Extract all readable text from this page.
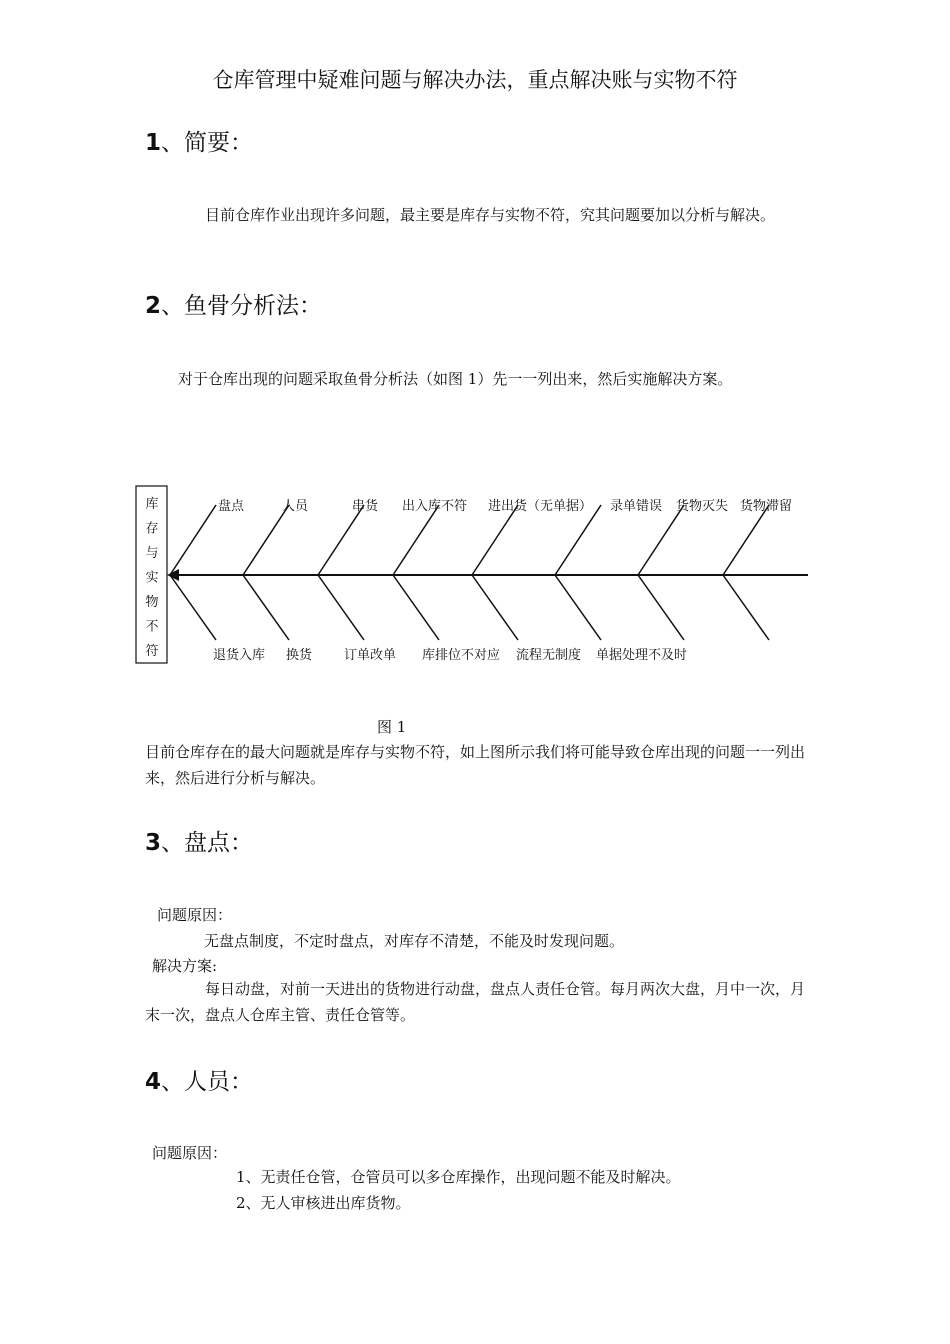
仓库管理中疑难问题与解决办法，重点解决账与实物不符
1、简要：
目前仓库作业出现许多问题，最主要是库存与实物不符，究其问题要加以分析与解决。
2、鱼骨分析法：
对于仓库出现的问题采取鱼骨分析法（如图 1）先一一列出来，然后实施解决方案。
库
存
与
实
物
不
符
盘点	人员	串货 出入库不符 进出货（无单据） 录单错误 货物灭失 货物滞留
退货入库 换货 订单改单 库排位不对应 流程无制度 单据处理不及时
图 1
目前仓库存在的最大问题就是库存与实物不符，如上图所示我们将可能导致仓库出现的问题一一列出来，然后进行分析与解决。
3、盘点：
问题原因：
无盘点制度，不定时盘点，对库存不清楚，不能及时发现问题。
解决方案:
每日动盘，对前一天进出的货物进行动盘，盘点人责任仓管。每月两次大盘，月中一次，月末一次，盘点人仓库主管、责任仓管等。
4、人员：
问题原因：
1、无责任仓管，仓管员可以多仓库操作，出现问题不能及时解决。
2、无人审核进出库货物。
